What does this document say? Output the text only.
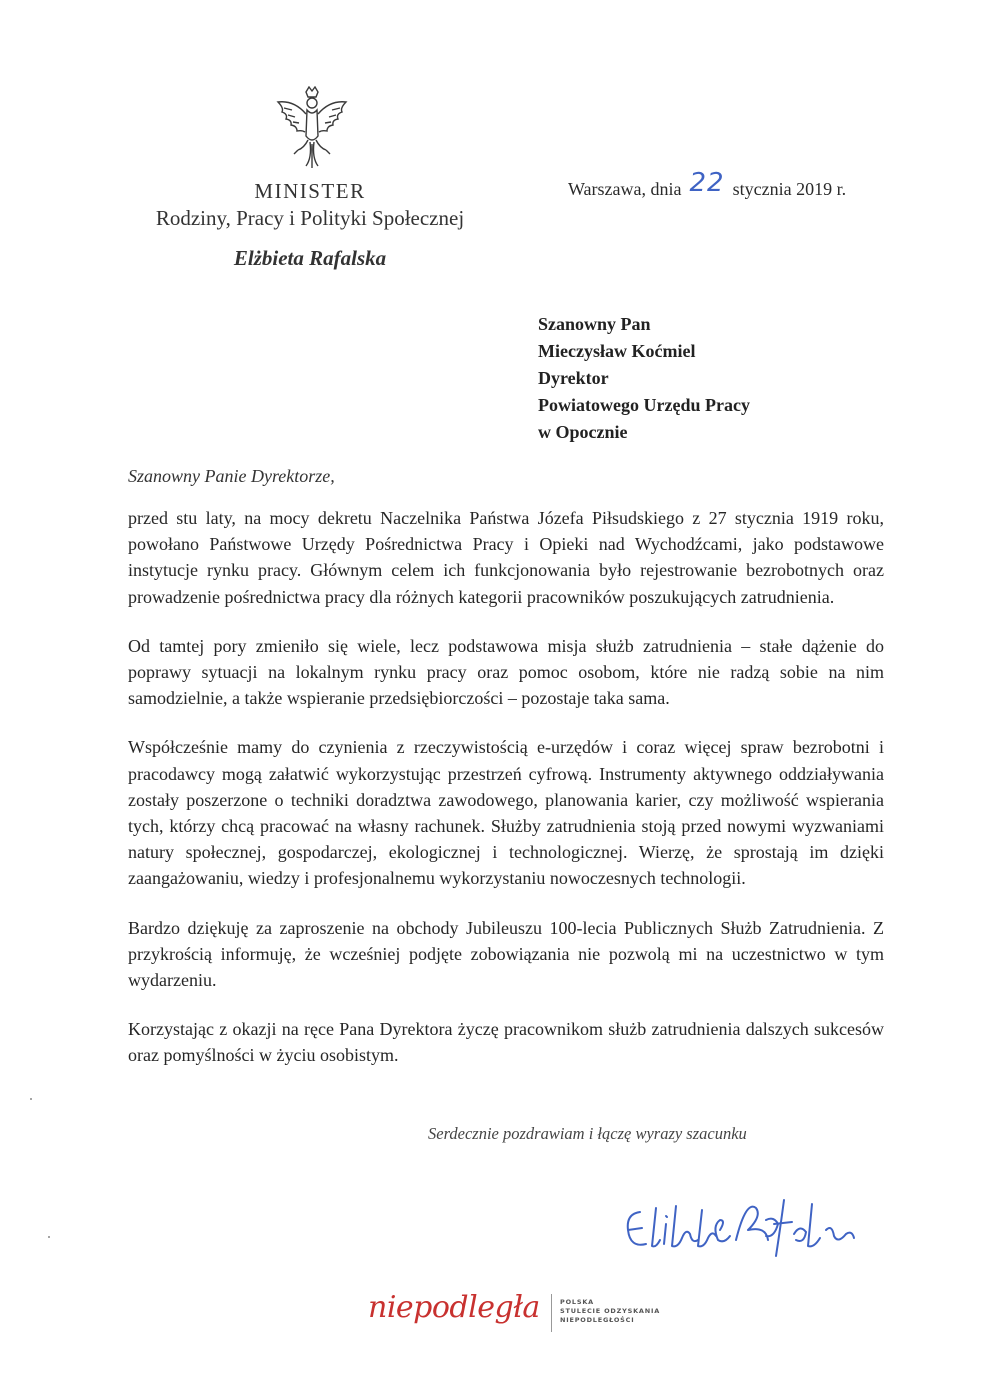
MINISTER
Rodziny, Pracy i Polityki Społecznej
Elżbieta Rafalska
Warszawa, dnia 22 stycznia 2019 r.
Szanowny Pan
Mieczysław Koćmiel
Dyrektor
Powiatowego Urzędu Pracy
w Opocznie
Szanowny Panie Dyrektorze,

przed stu laty, na mocy dekretu Naczelnika Państwa Józefa Piłsudskiego z 27 stycznia 1919 roku, powołano Państwowe Urzędy Pośrednictwa Pracy i Opieki nad Wychodźcami, jako podstawowe instytucje rynku pracy. Głównym celem ich funkcjonowania było rejestrowanie bezrobotnych oraz prowadzenie pośrednictwa pracy dla różnych kategorii pracowników poszukujących zatrudnienia.

Od tamtej pory zmieniło się wiele, lecz podstawowa misja służb zatrudnienia – stałe dążenie do poprawy sytuacji na lokalnym rynku pracy oraz pomoc osobom, które nie radzą sobie na nim samodzielnie, a także wspieranie przedsiębiorczości – pozostaje taka sama.

Współcześnie mamy do czynienia z rzeczywistością e-urzędów i coraz więcej spraw bezrobotni i pracodawcy mogą załatwić wykorzystując przestrzeń cyfrową. Instrumenty aktywnego oddziaływania zostały poszerzone o techniki doradztwa zawodowego, planowania karier, czy możliwość wspierania tych, którzy chcą pracować na własny rachunek. Służby zatrudnienia stoją przed nowymi wyzwaniami natury społecznej, gospodarczej, ekologicznej i technologicznej. Wierzę, że sprostają im dzięki zaangażowaniu, wiedzy i profesjonalnemu wykorzystaniu nowoczesnych technologii.

Bardzo dziękuję za zaproszenie na obchody Jubileuszu 100-lecia Publicznych Służb Zatrudnienia. Z przykrością informuję, że wcześniej podjęte zobowiązania nie pozwolą mi na uczestnictwo w tym wydarzeniu.

Korzystając z okazji na ręce Pana Dyrektora życzę pracownikom służb zatrudnienia dalszych sukcesów oraz pomyślności w życiu osobistym.

Serdecznie pozdrawiam i łączę wyrazy szacunku
niepodległa	POLSKA
STULECIE ODZYSKANIA
NIEPODLEGŁOŚCI
